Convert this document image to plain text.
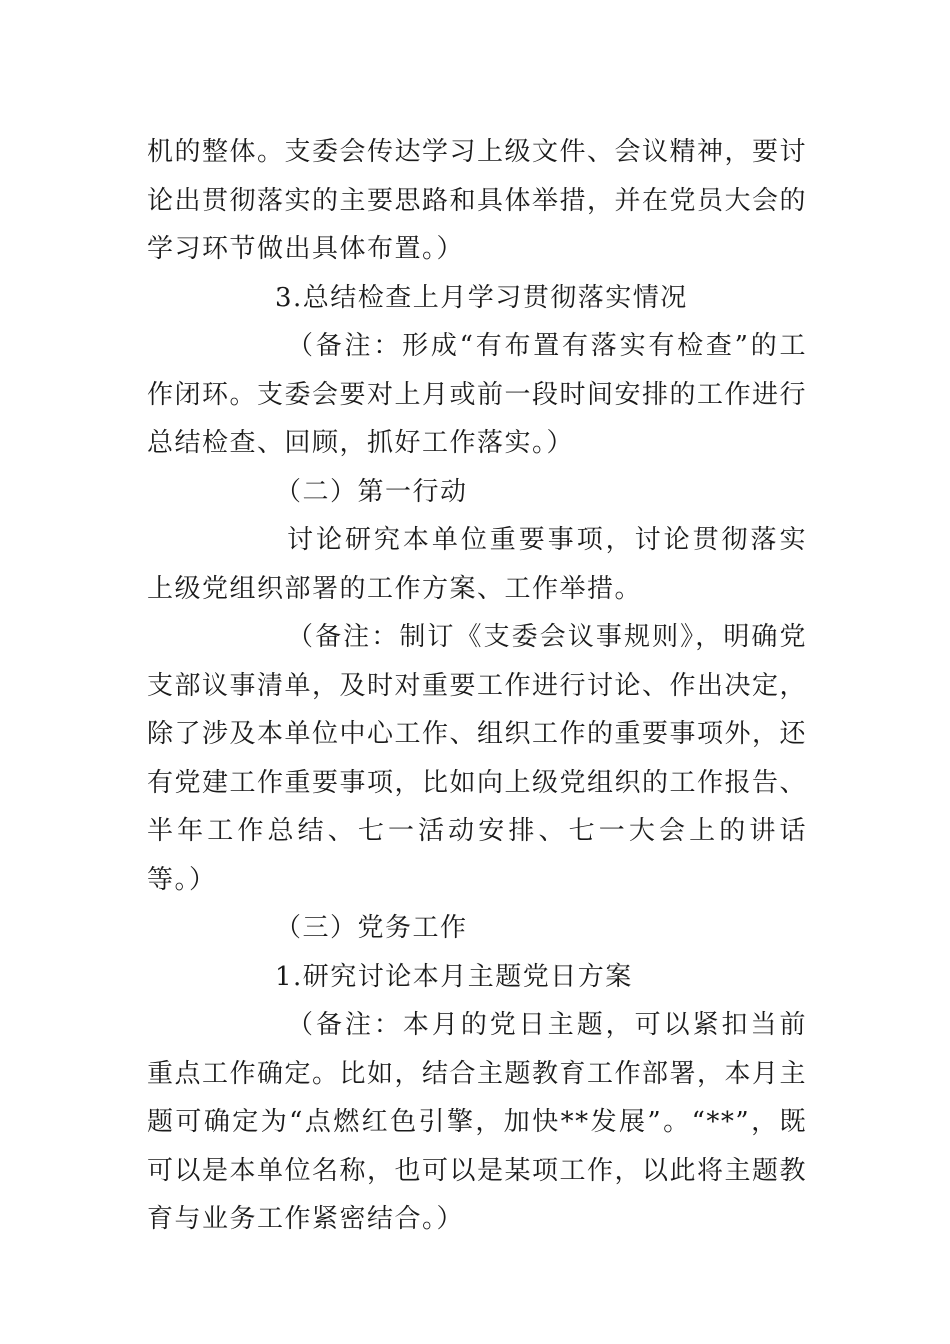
机的整体。支委会传达学习上级文件、会议精神，要讨论出贯彻落实的主要思路和具体举措，并在党员大会的学习环节做出具体布置。）

3.总结检查上月学习贯彻落实情况

（备注：形成“有布置有落实有检查”的工作闭环。支委会要对上月或前一段时间安排的工作进行总结检查、回顾，抓好工作落实。）

（二）第一行动

讨论研究本单位重要事项，讨论贯彻落实上级党组织部署的工作方案、工作举措。

（备注：制订《支委会议事规则》，明确党支部议事清单，及时对重要工作进行讨论、作出决定，除了涉及本单位中心工作、组织工作的重要事项外，还有党建工作重要事项，比如向上级党组织的工作报告、半年工作总结、七一活动安排、七一大会上的讲话等。）

（三）党务工作

1.研究讨论本月主题党日方案

（备注：本月的党日主题，可以紧扣当前重点工作确定。比如，结合主题教育工作部署，本月主题可确定为“点燃红色引擎，加快**发展”。“**”，既可以是本单位名称，也可以是某项工作，以此将主题教育与业务工作紧密结合。）
